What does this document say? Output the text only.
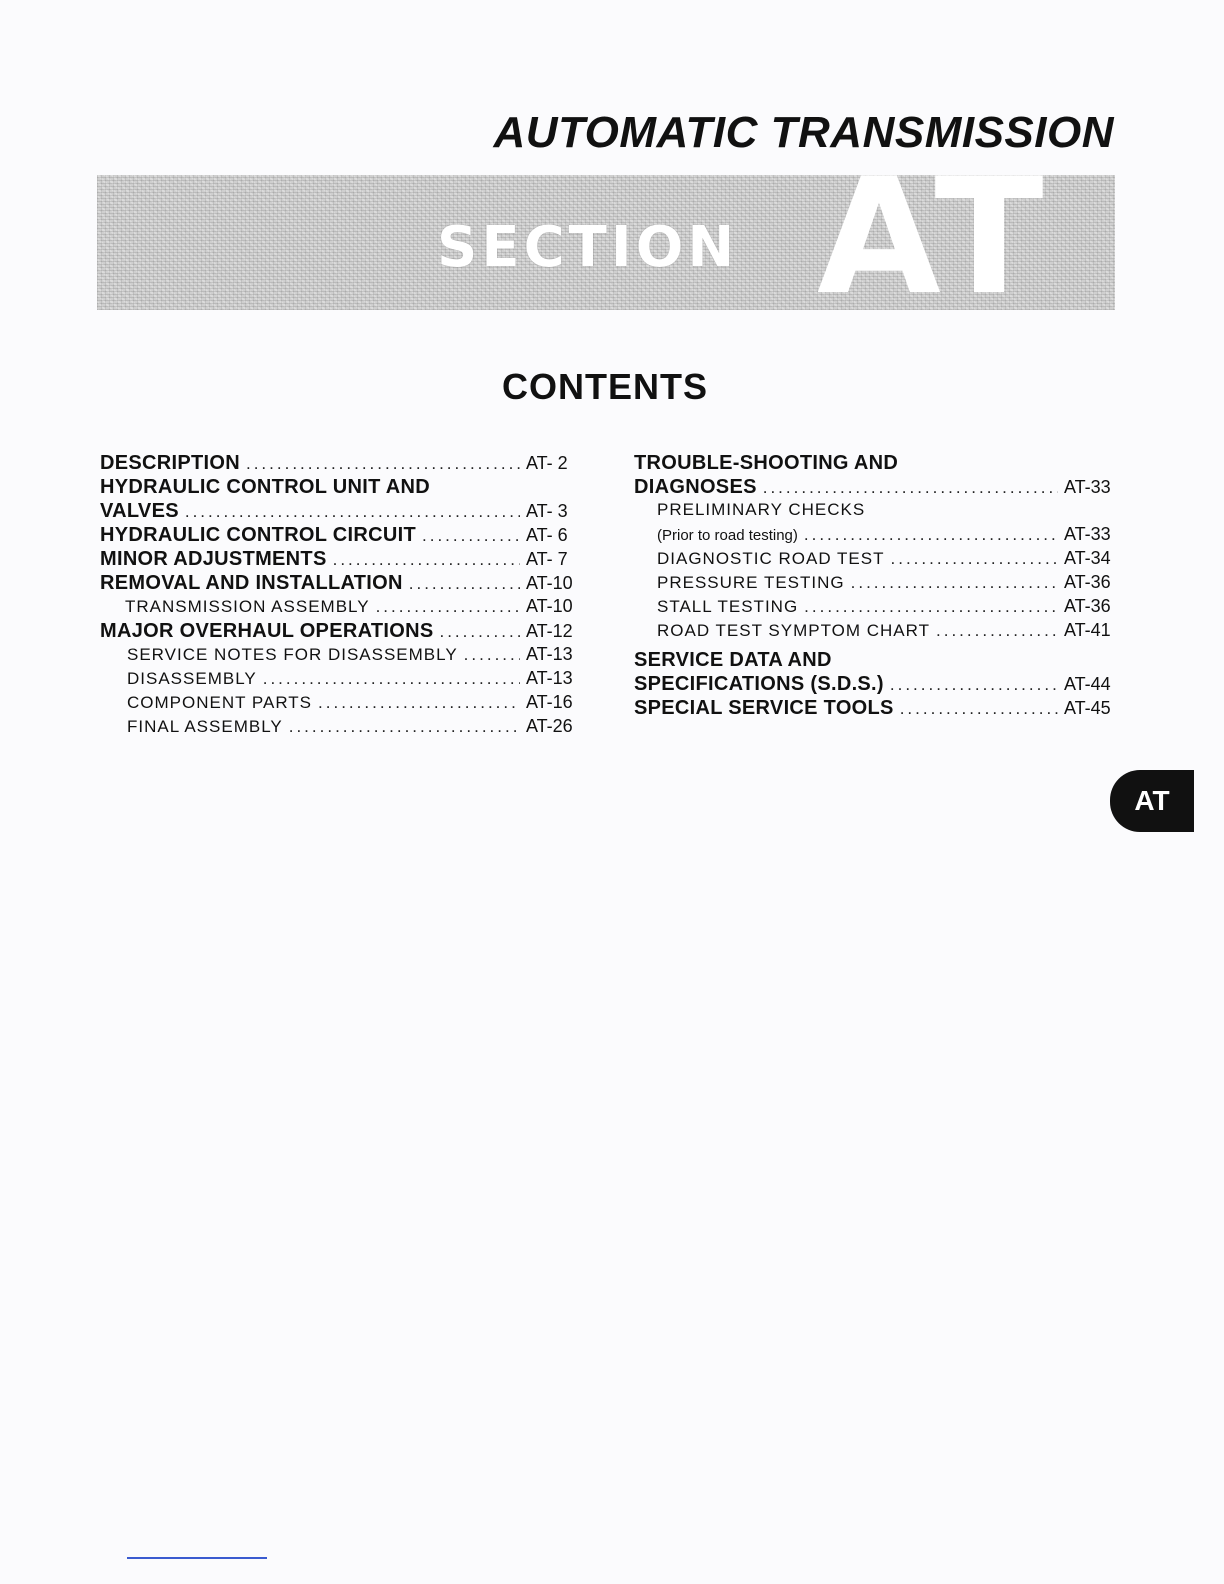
AUTOMATIC TRANSMISSION
SECTION AT
CONTENTS
DESCRIPTION .....	AT- 2
HYDRAULIC CONTROL UNIT AND
VALVES .....	AT- 3
HYDRAULIC CONTROL CIRCUIT .....	AT- 6
MINOR ADJUSTMENTS .....	AT- 7
REMOVAL AND INSTALLATION .....	AT-10
TRANSMISSION ASSEMBLY .....	AT-10
MAJOR OVERHAUL OPERATIONS .....	AT-12
SERVICE NOTES FOR DISASSEMBLY .....	AT-13
DISASSEMBLY .....	AT-13
COMPONENT PARTS .....	AT-16
FINAL ASSEMBLY .....	AT-26
TROUBLE-SHOOTING AND
DIAGNOSES .....	AT-33
PRELIMINARY CHECKS
(Prior to road testing) .....	AT-33
DIAGNOSTIC ROAD TEST .....	AT-34
PRESSURE TESTING .....	AT-36
STALL TESTING .....	AT-36
ROAD TEST SYMPTOM CHART .....	AT-41
SERVICE DATA AND
SPECIFICATIONS (S.D.S.) .....	AT-44
SPECIAL SERVICE TOOLS .....	AT-45
AT
